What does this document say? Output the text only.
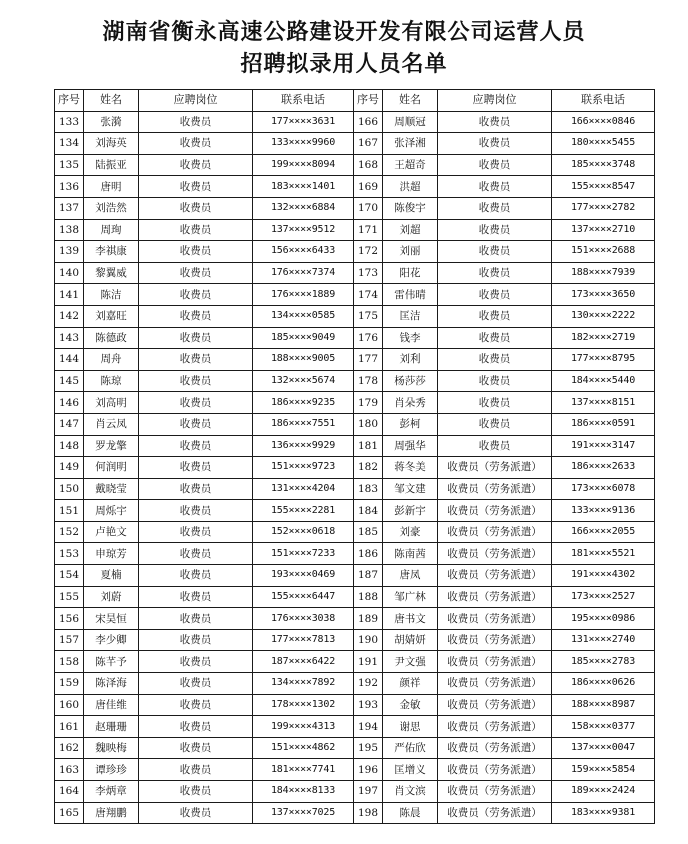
湖南省衡永高速公路建设开发有限公司运营人员
招聘拟录用人员名单
序号	姓名	应聘岗位	联系电话	序号	姓名	应聘岗位	联系电话
133	张漪	收费员	177××××3631	166	周顺冠	收费员	166××××0846
134	刘海英	收费员	133××××9960	167	张泽湘	收费员	180××××5455
135	陆振亚	收费员	199××××8094	168	王超奇	收费员	185××××3748
136	唐明	收费员	183××××1401	169	洪超	收费员	155××××8547
137	刘浩然	收费员	132××××6884	170	陈俊宇	收费员	177××××2782
138	周珣	收费员	137××××9512	171	刘超	收费员	137××××2710
139	李祺康	收费员	156××××6433	172	刘丽	收费员	151××××2688
140	黎翼威	收费员	176××××7374	173	阳花	收费员	188××××7939
141	陈洁	收费员	176××××1889	174	雷伟晴	收费员	173××××3650
142	刘嘉旺	收费员	134××××0585	175	匡洁	收费员	130××××2222
143	陈德政	收费员	185××××9049	176	钱李	收费员	182××××2719
144	周舟	收费员	188××××9005	177	刘利	收费员	177××××8795
145	陈琼	收费员	132××××5674	178	杨莎莎	收费员	184××××5440
146	刘高明	收费员	186××××9235	179	肖朵秀	收费员	137××××8151
147	肖云凤	收费员	186××××7551	180	彭柯	收费员	186××××0591
148	罗龙擎	收费员	136××××9929	181	周强华	收费员	191××××3147
149	何润明	收费员	151××××9723	182	蒋冬美	收费员（劳务派遣）	186××××2633
150	戴晓莹	收费员	131××××4204	183	邹文建	收费员（劳务派遣）	173××××6078
151	周烁宇	收费员	155××××2281	184	彭新宇	收费员（劳务派遣）	133××××9136
152	卢艳文	收费员	152××××0618	185	刘豪	收费员（劳务派遣）	166××××2055
153	申琼芳	收费员	151××××7233	186	陈南茜	收费员（劳务派遣）	181××××5521
154	夏楠	收费员	193××××0469	187	唐凤	收费员（劳务派遣）	191××××4302
155	刘蔚	收费员	155××××6447	188	邹广林	收费员（劳务派遣）	173××××2527
156	宋昊恒	收费员	176××××3038	189	唐书文	收费员（劳务派遣）	195××××0986
157	李少卿	收费员	177××××7813	190	胡婧妍	收费员（劳务派遣）	131××××2740
158	陈芊予	收费员	187××××6422	191	尹文强	收费员（劳务派遣）	185××××2783
159	陈泽海	收费员	134××××7892	192	颜祥	收费员（劳务派遣）	186××××0626
160	唐佳维	收费员	178××××1302	193	金敏	收费员（劳务派遣）	188××××8987
161	赵珊珊	收费员	199××××4313	194	谢思	收费员（劳务派遣）	158××××0377
162	魏映梅	收费员	151××××4862	195	严佑欣	收费员（劳务派遣）	137××××0047
163	谭珍珍	收费员	181××××7741	196	匡增义	收费员（劳务派遣）	159××××5854
164	李炳章	收费员	184××××8133	197	肖文滨	收费员（劳务派遣）	189××××2424
165	唐翔鹏	收费员	137××××7025	198	陈晨	收费员（劳务派遣）	183××××9381
